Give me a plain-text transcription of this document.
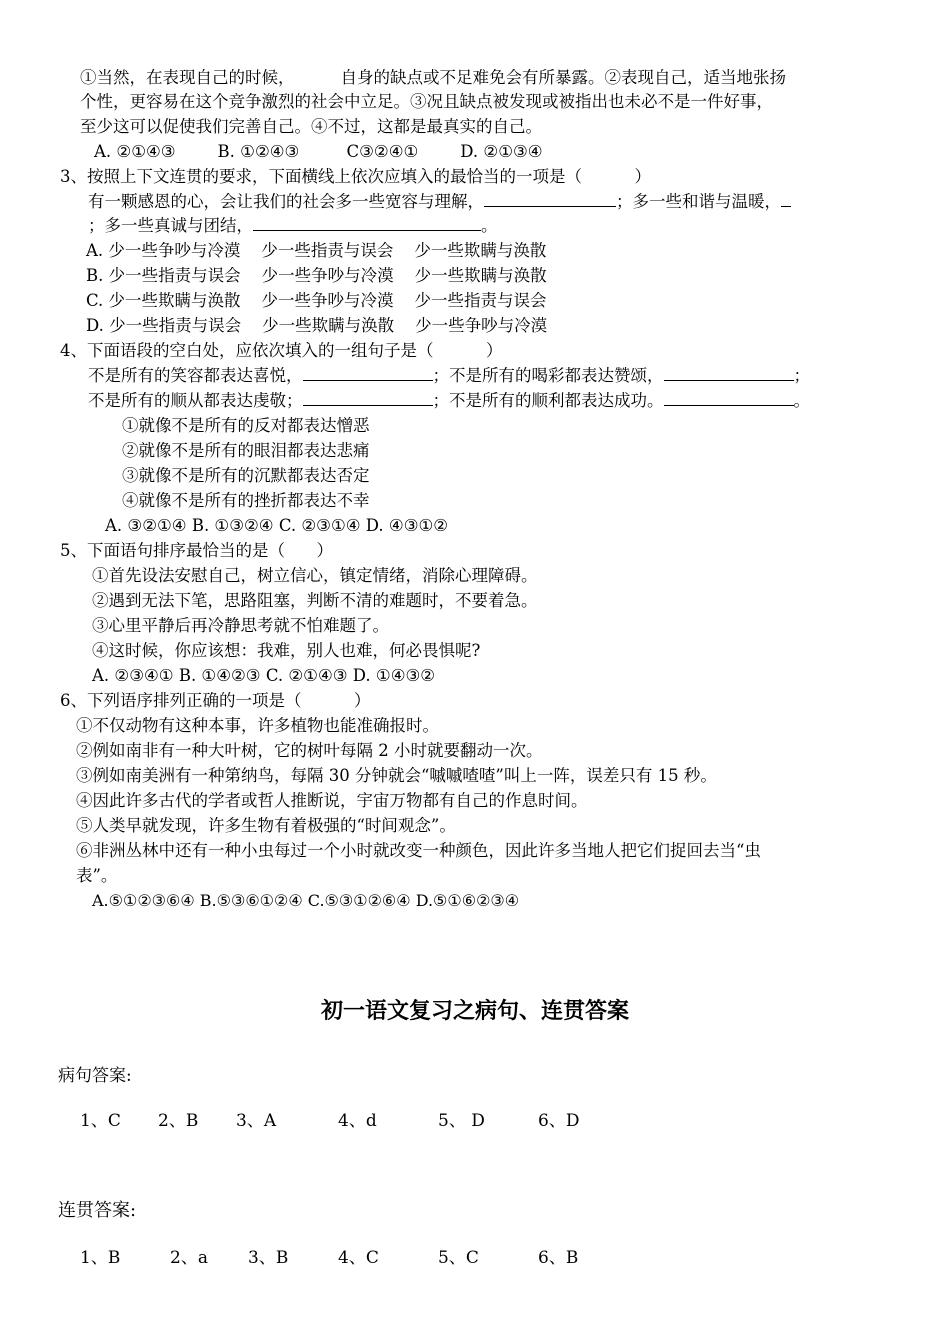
①当然，在表现自己的时候，	自身的缺点或不足难免会有所暴露。②表现自己，适当地张扬
个性，更容易在这个竞争激烈的社会中立足。③况且缺点被发现或被指出也未必不是一件好事，
至少这可以促使我们完善自己。④不过，这都是最真实的自己。
A. ②①④③        B. ①②④③         C③②④①        D. ②①③④
3、按照上下文连贯的要求，下面横线上依次应填入的最恰当的一项是（          ）
有一颗感恩的心，会让我们的社会多一些宽容与理解，	；多一些和谐与温暖，
；多一些真诚与团结，	。
A. 少一些争吵与冷漠    少一些指责与误会    少一些欺瞒与涣散
B. 少一些指责与误会    少一些争吵与冷漠    少一些欺瞒与涣散
C. 少一些欺瞒与涣散    少一些争吵与冷漠    少一些指责与误会
D. 少一些指责与误会    少一些欺瞒与涣散    少一些争吵与冷漠
4、下面语段的空白处，应依次填入的一组句子是（          ）
不是所有的笑容都表达喜悦，	；不是所有的喝彩都表达赞颂，	；
不是所有的顺从都表达虔敬；	；不是所有的顺利都表达成功。	。
①就像不是所有的反对都表达憎恶
②就像不是所有的眼泪都表达悲痛
③就像不是所有的沉默都表达否定
④就像不是所有的挫折都表达不幸
A. ③②①④ B. ①③②④ C. ②③①④ D. ④③①②
5、下面语句排序最恰当的是（      ）
①首先设法安慰自己，树立信心，镇定情绪，消除心理障碍。
②遇到无法下笔，思路阻塞，判断不清的难题时，不要着急。
③心里平静后再冷静思考就不怕难题了。
④这时候，你应该想：我难，别人也难，何必畏惧呢?
A. ②③④① B. ①④②③ C. ②①④③ D. ①④③②
6、下列语序排列正确的一项是（          ）
①不仅动物有这种本事，许多植物也能准确报时。
②例如南非有一种大叶树，它的树叶每隔 2 小时就要翻动一次。
③例如南美洲有一种第纳鸟，每隔 30 分钟就会“嘁嘁喳喳”叫上一阵，误差只有 15 秒。
④因此许多古代的学者或哲人推断说，宇宙万物都有自己的作息时间。
⑤人类早就发现，许多生物有着极强的“时间观念”。
⑥非洲丛林中还有一种小虫每过一个小时就改变一种颜色，因此许多当地人把它们捉回去当“虫
表”。
A.⑤①②③⑥④ B.⑤③⑥①②④ C.⑤③①②⑥④ D.⑤①⑥②③④
初一语文复习之病句、连贯答案
病句答案:
1、C 2、B 3、A	4、d	5、 D	6、D
连贯答案:
1、B	2、a 3、B	4、C	5、C	6、B
